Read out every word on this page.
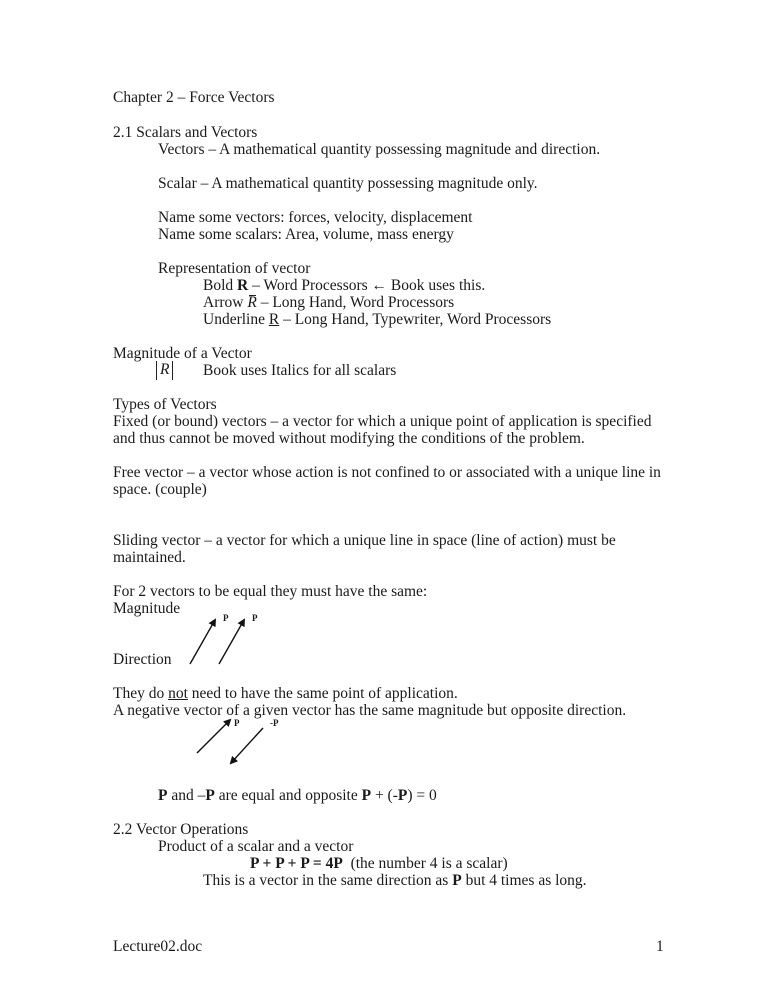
Chapter 2 – Force Vectors
2.1 Scalars and Vectors
Vectors – A mathematical quantity possessing magnitude and direction.
Scalar – A mathematical quantity possessing magnitude only.
Name some vectors: forces, velocity, displacement
Name some scalars: Area, volume, mass energy
Representation of vector
Bold R – Word Processors ← Book uses this.
Arrow R – Long Hand, Word Processors
Underline R – Long Hand, Typewriter, Word Processors
Magnitude of a Vector
R Book uses Italics for all scalars
Types of Vectors
Fixed (or bound) vectors – a vector for which a unique point of application is specified
and thus cannot be moved without modifying the conditions of the problem.
Free vector – a vector whose action is not confined to or associated with a unique line in
space. (couple)
Sliding vector – a vector for which a unique line in space (line of action) must be
maintained.
For 2 vectors to be equal they must have the same:
Magnitude
Direction
P	P
They do not need to have the same point of application.
A negative vector of a given vector has the same magnitude but opposite direction.
P	-P
P and –P are equal and opposite P + (-P) = 0
2.2 Vector Operations
Product of a scalar and a vector
P + P + P = 4P  (the number 4 is a scalar)
This is a vector in the same direction as P but 4 times as long.
Lecture02.doc	1
